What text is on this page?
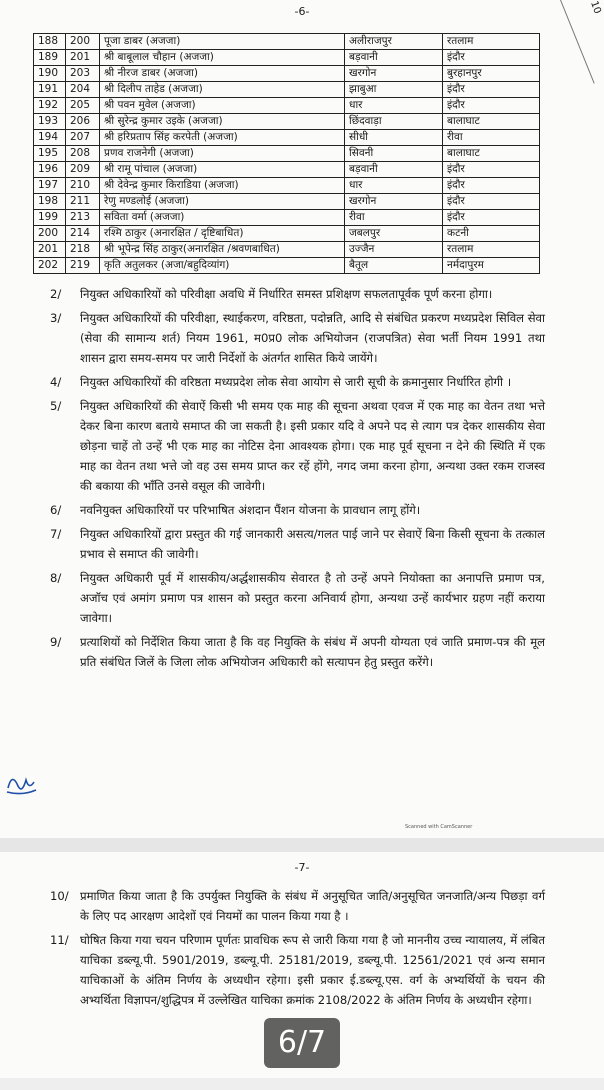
-6-	10
188	200	पूजा डाबर (अजजा)	अलीराजपुर	रतलाम
189	201	श्री बाबूलाल चौहान (अजजा)	बड़वानी	इंदौर
190	203	श्री नीरज डाबर (अजजा)	खरगोन	बुरहानपुर
191	204	श्री दिलीप ताहेड (अजजा)	झाबुआ	इंदौर
192	205	श्री पवन मुवेल (अजजा)	धार	इंदौर
193	206	श्री सुरेन्द्र कुमार उइके (अजजा)	छिंदवाड़ा	बालाघाट
194	207	श्री हरिप्रताप सिंह करपेती (अजजा)	सीधी	रीवा
195	208	प्रणव राजनेगी (अजजा)	सिवनी	बालाघाट
196	209	श्री रामू पांचाल (अजजा)	बड़वानी	इंदौर
197	210	श्री देवेन्द्र कुमार किराडिया (अजजा)	धार	इंदौर
198	211	रेणु मण्डलोई (अजजा)	खरगोन	इंदौर
199	213	सविता वर्मा (अजजा)	रीवा	इंदौर
200	214	रश्मि ठाकुर (अनारक्षित / दृष्टिबाधित)	जबलपुर	कटनी
201	218	श्री भूपेन्द्र सिंह ठाकुर(अनारक्षित /श्रवणबाधित)	उज्जैन	रतलाम
202	219	कृति अतुलकर (अजा/बहुदिव्यांग)	बैतूल	नर्मदापुरम
2/ नियुक्त अधिकारियों को परिवीक्षा अवधि में निर्धारित समस्त प्रशिक्षण सफलतापूर्वक पूर्ण करना होगा।
3/ नियुक्त अधिकारियों की परिवीक्षा, स्थाईकरण, वरिष्ठता, पदोन्नति, आदि से संबंधित प्रकरण मध्यप्रदेश सिविल सेवा (सेवा की सामान्य शर्त) नियम 1961, म0प्र0 लोक अभियोजन (राजपत्रित) सेवा भर्ती नियम 1991 तथा शासन द्वारा समय-समय पर जारी निर्देशों के अंतर्गत शासित किये जायेंगे।
4/ नियुक्त अधिकारियों की वरिष्ठता मध्यप्रदेश लोक सेवा आयोग से जारी सूची के क्रमानुसार निर्धारित होगी ।
5/ नियुक्त अधिकारियों की सेवाऐं किसी भी समय एक माह की सूचना अथवा एवज में एक माह का वेतन तथा भत्ते देकर बिना कारण बताये समाप्त की जा सकती है। इसी प्रकार यदि वे अपने पद से त्याग पत्र देकर शासकीय सेवा छोड़ना चाहें तो उन्हें भी एक माह का नोटिस देना आवश्यक होगा। एक माह पूर्व सूचना न देने की स्थिति में एक माह का वेतन तथा भत्ते जो वह उस समय प्राप्त कर रहें होंगे, नगद जमा करना होगा, अन्यथा उक्त रकम राजस्व की बकाया की भाँति उनसे वसूल की जावेगी।
6/ नवनियुक्त अधिकारियों पर परिभाषित अंशदान पैंशन योजना के प्रावधान लागू होंगे।
7/ नियुक्त अधिकारियों द्वारा प्रस्तुत की गई जानकारी असत्य/गलत पाई जाने पर सेवाऐं बिना किसी सूचना के तत्काल प्रभाव से समाप्त की जावेगी।
8/ नियुक्त अधिकारी पूर्व में शासकीय/अर्द्धशासकीय सेवारत है तो उन्हें अपने नियोक्ता का अनापत्ति प्रमाण पत्र, अजॉच एवं अमांग प्रमाण पत्र शासन को प्रस्तुत करना अनिवार्य होगा, अन्यथा उन्हें कार्यभार ग्रहण नहीं कराया जावेगा।
9/ प्रत्याशियों को निर्देशित किया जाता है कि वह नियुक्ति के संबंध में अपनी योग्यता एवं जाति प्रमाण-पत्र की मूल प्रति संबंधित जिलें के जिला लोक अभियोजन अधिकारी को सत्यापन हेतु प्रस्तुत करेंगे।
Scanned with CamScanner
-7-
10/ प्रमाणित किया जाता है कि उपर्युक्त नियुक्ति के संबंध में अनुसूचित जाति/अनुसूचित जनजाति/अन्य पिछड़ा वर्ग के लिए पद आरक्षण आदेशों एवं नियमों का पालन किया गया है ।
11/ घोषित किया गया चयन परिणाम पूर्णतः प्रावधिक रूप से जारी किया गया है जो माननीय उच्च न्यायालय, में लंबित याचिका डब्ल्यू.पी. 5901/2019, डब्ल्यू.पी. 25181/2019, डब्ल्यू.पी. 12561/2021 एवं अन्य समान याचिकाओं के अंतिम निर्णय के अध्यधीन रहेगा। इसी प्रकार ई.डब्ल्यू.एस. वर्ग के अभ्यर्थियों के चयन की अभ्यर्थिता विज्ञापन/शुद्धिपत्र में उल्लेखित याचिका क्रमांक 2108/2022 के अंतिम निर्णय के अध्यधीन रहेगा।
6/7
